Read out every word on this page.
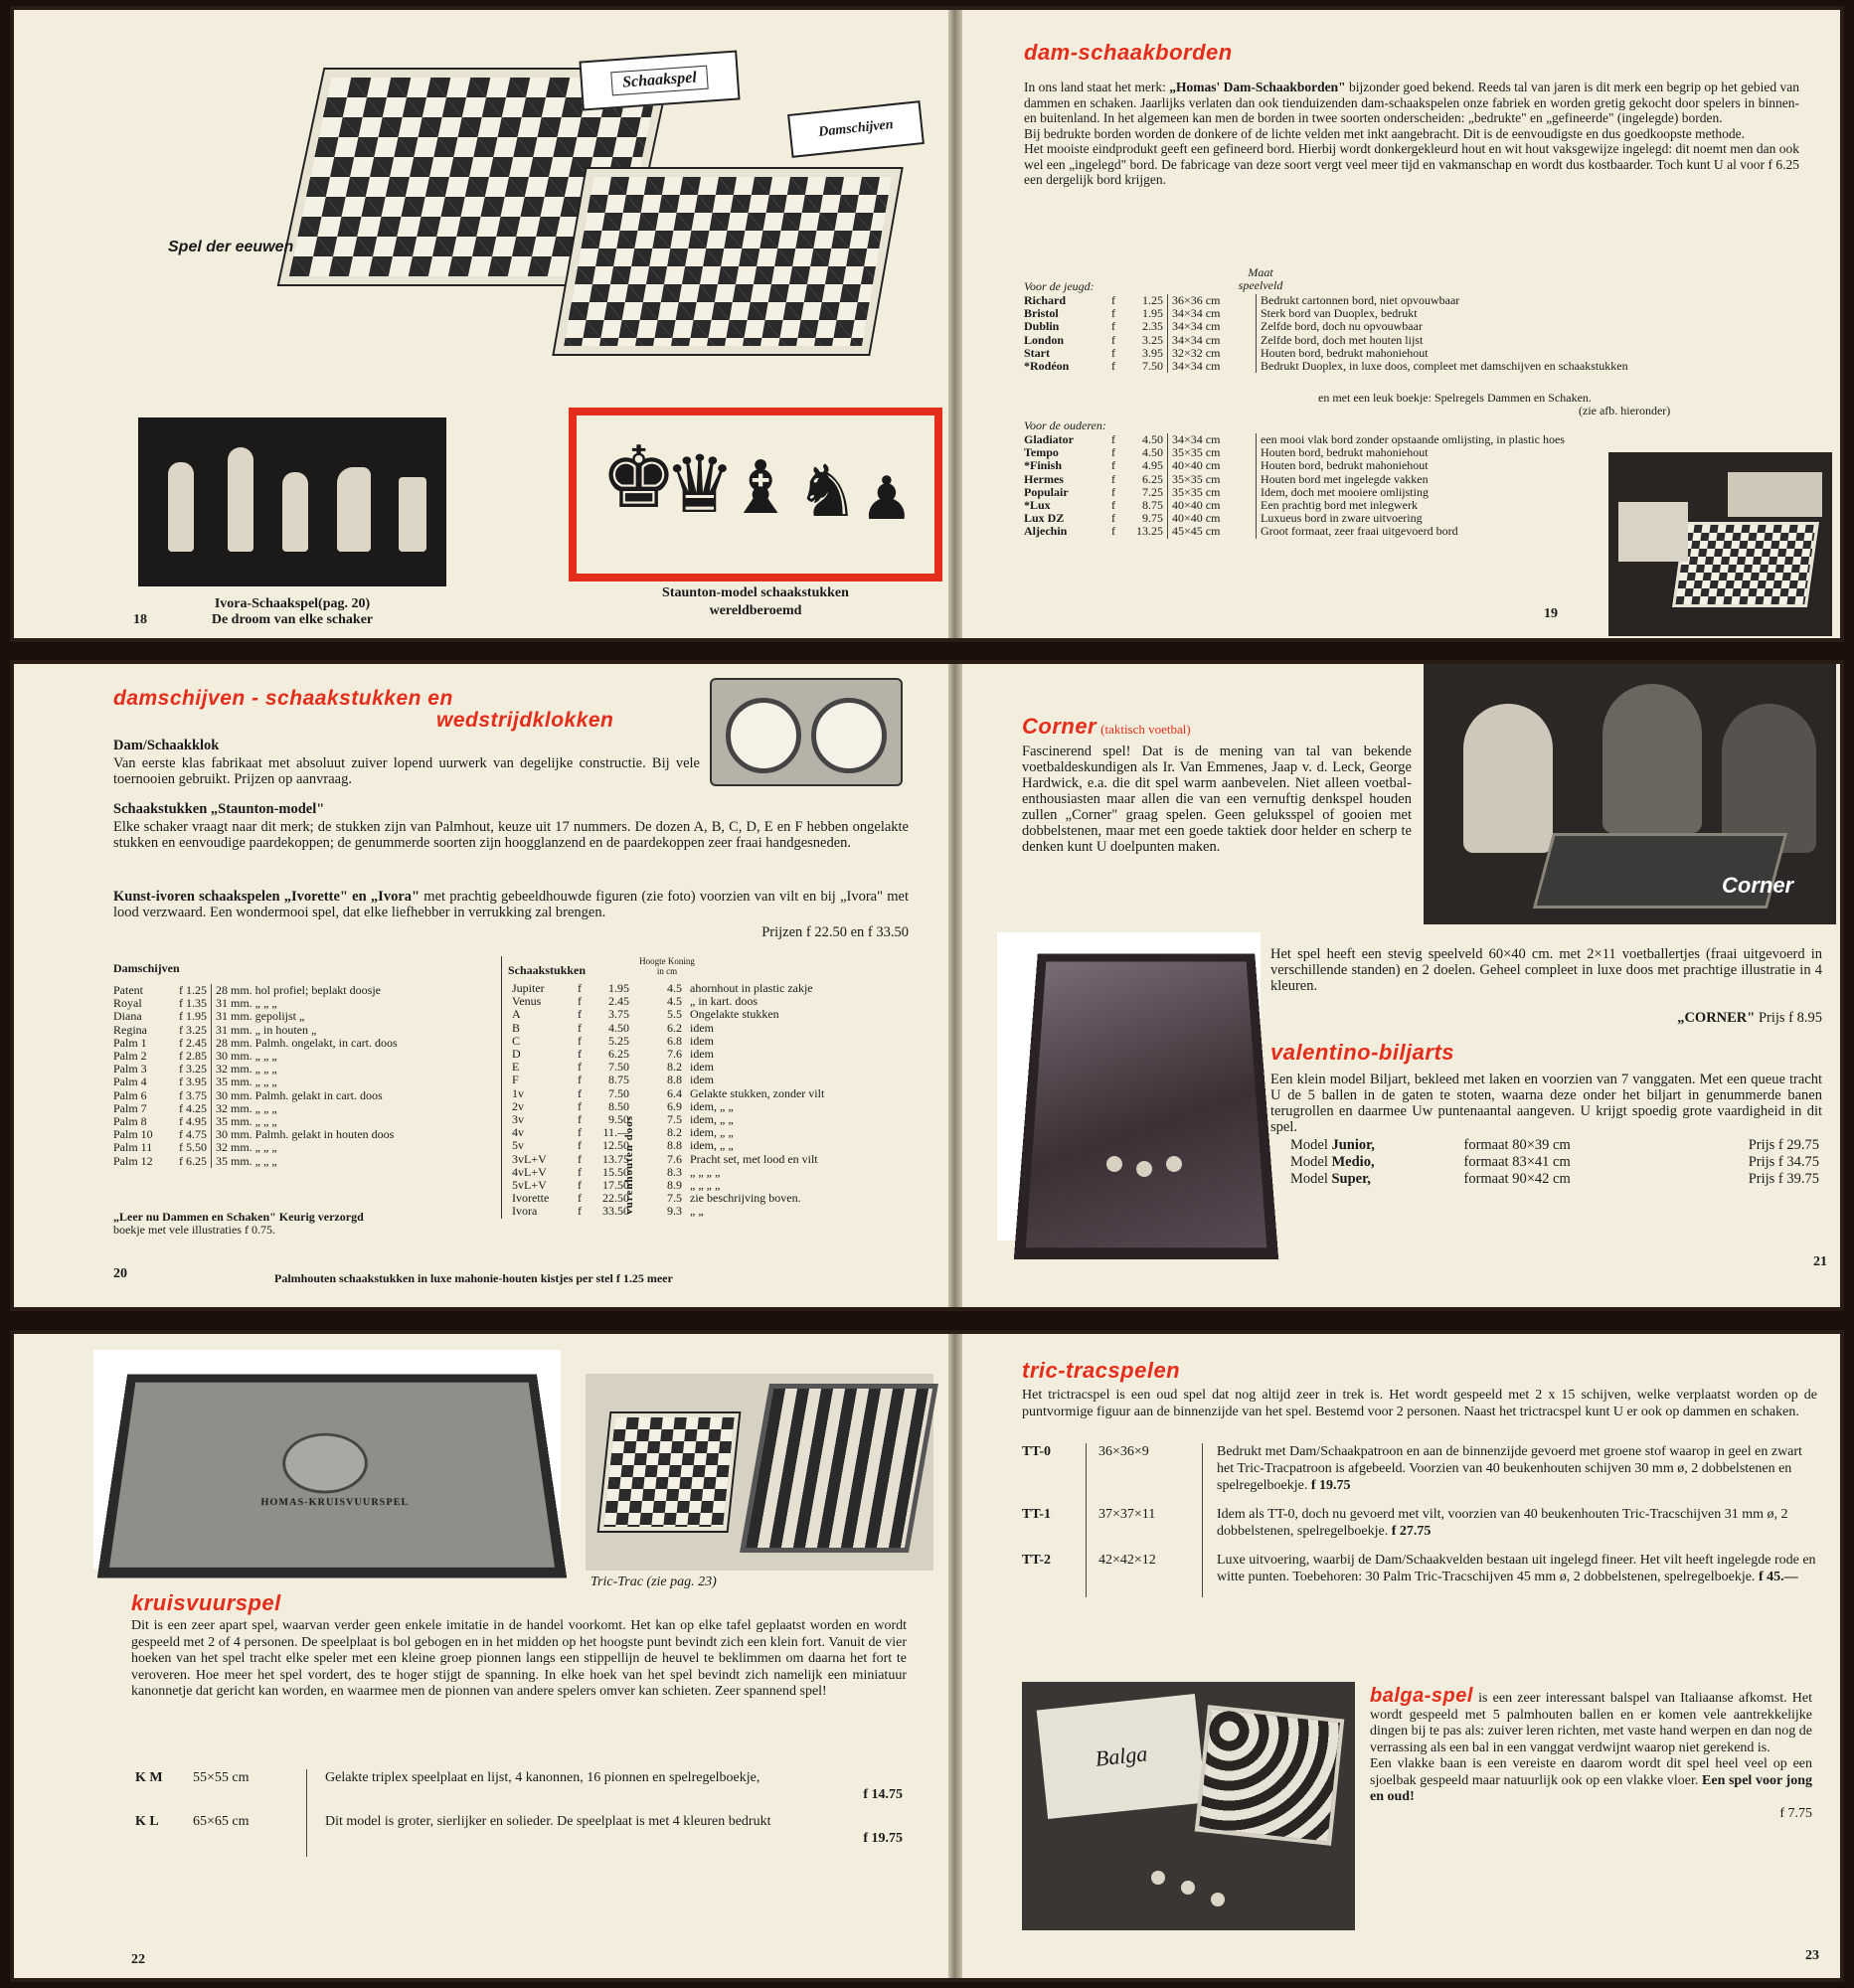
Schaakspel
Damschijven
Spel der eeuwen
Ivora-Schaakspel(pag. 20)
De droom van elke schaker
18
♚
♛
♝ ♞ ♟
Staunton-model schaakstukken
wereldberoemd
dam-schaakborden
In ons land staat het merk: „Homas' Dam-Schaakborden" bijzonder goed bekend. Reeds tal van jaren is dit merk een begrip op het gebied van dammen en schaken. Jaarlijks verlaten dan ook tienduizenden dam-schaakspelen onze fabriek en worden gretig gekocht door spelers in binnen- en buitenland. In het algemeen kan men de borden in twee soorten onderscheiden: „bedrukte" en „gefineerde" (ingelegde) borden.
Bij bedrukte borden worden de donkere of de lichte velden met inkt aangebracht. Dit is de eenvoudigste en dus goedkoopste methode.
Het mooiste eindprodukt geeft een gefineerd bord. Hierbij wordt donkergekleurd hout en wit hout vaksgewijze ingelegd: dit noemt men dan ook wel een „ingelegd" bord. De fabricage van deze soort vergt veel meer tijd en vakmanschap en wordt dus kostbaarder. Toch kunt U al voor f 6.25 een dergelijk bord krijgen.
Maat
speelveld
Voor de jeugd:
Richard	f	1.25	36×36 cm	Bedrukt cartonnen bord, niet opvouwbaar
Bristol	f	1.95	34×34 cm	Sterk bord van Duoplex, bedrukt
Dublin	f	2.35	34×34 cm	Zelfde bord, doch nu opvouwbaar
London	f	3.25	34×34 cm	Zelfde bord, doch met houten lijst
Start	f	3.95	32×32 cm	Houten bord, bedrukt mahoniehout
*Rodéon	f	7.50	34×34 cm	Bedrukt Duoplex, in luxe doos, compleet met damschijven en schaakstukken
en met een leuk boekje: Spelregels Dammen en Schaken.
(zie afb. hieronder)
Voor de ouderen:
Gladiator	f	4.50	34×34 cm	een mooi vlak bord zonder opstaande omlijsting, in plastic hoes
Tempo	f	4.50	35×35 cm	Houten bord, bedrukt mahoniehout
*Finish	f	4.95	40×40 cm	Houten bord, bedrukt mahoniehout
Hermes	f	6.25	35×35 cm	Houten bord met ingelegde vakken
Populair	f	7.25	35×35 cm	Idem, doch met mooiere omlijsting
*Lux	f	8.75	40×40 cm	Een prachtig bord met inlegwerk
Lux DZ	f	9.75	40×40 cm	Luxueus bord in zware uitvoering
Aljechin	f	13.25	45×45 cm	Groot formaat, zeer fraai uitgevoerd bord
19
damschijven - schaakstukken en
wedstrijdklokken
Dam/Schaakklok
Van eerste klas fabrikaat met absoluut zuiver lopend uurwerk van degelijke constructie. Bij vele toernooien gebruikt. Prijzen op aanvraag.
Schaakstukken „Staunton-model"
Elke schaker vraagt naar dit merk; de stukken zijn van Palmhout, keuze uit 17 nummers. De dozen A, B, C, D, E en F hebben ongelakte stukken en eenvoudige paardekoppen; de genummerde soorten zijn hoogglanzend en de paardekoppen zeer fraai handgesneden.
Kunst-ivoren schaakspelen „Ivorette" en „Ivora" met prachtig gebeeldhouwde figuren (zie foto) voorzien van vilt en bij „Ivora" met lood verzwaard. Een wondermooi spel, dat elke liefhebber in verrukking zal brengen.
Prijzen f 22.50 en f 33.50
Damschijven
Patent	f 1.25	28 mm. hol profiel; beplakt doosje
Royal	f 1.35	31 mm. „ „ „
Diana	f 1.95	31 mm. gepolijst „
Regina	f 3.25	31 mm. „ in houten „
Palm 1	f 2.45	28 mm. Palmh. ongelakt, in cart. doos
Palm 2	f 2.85	30 mm. „ „ „
Palm 3	f 3.25	32 mm. „ „ „
Palm 4	f 3.95	35 mm. „ „ „
Palm 6	f 3.75	30 mm. Palmh. gelakt in cart. doos
Palm 7	f 4.25	32 mm. „ „ „
Palm 8	f 4.95	35 mm. „ „ „
Palm 10	f 4.75	30 mm. Palmh. gelakt in houten doos
Palm 11	f 5.50	32 mm. „ „ „
Palm 12	f 6.25	35 mm. „ „ „
„Leer nu Dammen en Schaken" Keurig verzorgd
boekje met vele illustraties f 0.75.
Schaakstukken
Hoogte Koning
in cm
Jupiter	f	1.95	4.5	ahornhout in plastic zakje
Venus	f	2.45	4.5	„ in kart. doos
A	f	3.75	5.5	Ongelakte stukken
B	f	4.50	6.2	idem
C	f	5.25	6.8	idem
D	f	6.25	7.6	idem
E	f	7.50	8.2	idem
F	f	8.75	8.8	idem
1v	f	7.50	6.4	Gelakte stukken, zonder vilt
2v	f	8.50	6.9	idem, „ „
3v	f	9.50	7.5	idem, „ „
4v	f	11.—	8.2	idem, „ „
5v	f	12.50	8.8	idem, „ „
3vL+V	f	13.75	7.6	Pracht set, met lood en vilt
4vL+V	f	15.50	8.3	„ „ „ „
5vL+V	f	17.50	8.9	„ „ „ „
Ivorette	f	22.50	7.5	zie beschrijving boven.
Ivora	f	33.50	9.3	„ „
vurenhouten doos
20	Palmhouten schaakstukken in luxe mahonie-houten kistjes per stel f 1.25 meer
Corner (taktisch voetbal)
Fascinerend spel! Dat is de mening van tal van bekende voetbaldeskundigen als Ir. Van Emmenes, Jaap v. d. Leck, George Hardwick, e.a. die dit spel warm aanbevelen. Niet alleen voetbal-enthousiasten maar allen die van een vernuftig denkspel houden zullen „Corner" graag spelen. Geen geluksspel of gooien met dobbelstenen, maar met een goede taktiek door helder en scherp te denken kunt U doelpunten maken.
Corner
Het spel heeft een stevig speelveld 60×40 cm. met 2×11 voetballertjes (fraai uitgevoerd in verschillende standen) en 2 doelen. Geheel compleet in luxe doos met prachtige illustratie in 4 kleuren.
„CORNER" Prijs f 8.95
valentino-biljarts
Een klein model Biljart, bekleed met laken en voorzien van 7 vanggaten. Met een queue tracht U de 5 ballen in de gaten te stoten, waarna deze onder het biljart in genummerde banen terugrollen en daarmee Uw puntenaantal aangeven. U krijgt spoedig grote vaardigheid in dit spel.
Model Junior,	formaat 80×39 cm	Prijs f 29.75
Model Medio,	formaat 83×41 cm	Prijs f 34.75
Model Super,	formaat 90×42 cm	Prijs f 39.75
21
HOMAS-KRUISVUURSPEL
Tric-Trac (zie pag. 23)
kruisvuurspel
Dit is een zeer apart spel, waarvan verder geen enkele imitatie in de handel voorkomt. Het kan op elke tafel geplaatst worden en wordt gespeeld met 2 of 4 personen. De speelplaat is bol gebogen en in het midden op het hoogste punt bevindt zich een klein fort. Vanuit de vier hoeken van het spel tracht elke speler met een kleine groep pionnen langs een stippellijn de heuvel te beklimmen om daarna het fort te veroveren. Hoe meer het spel vordert, des te hoger stijgt de spanning. In elke hoek van het spel bevindt zich namelijk een miniatuur kanonnetje dat gericht kan worden, en waarmee men de pionnen van andere spelers omver kan schieten. Zeer spannend spel!
K M	55×55 cm	Gelakte triplex speelplaat en lijst, 4 kanonnen, 16 pionnen en spelregelboekje,
f 14.75

K L	65×65 cm	Dit model is groter, sierlijker en solieder. De speelplaat is met 4 kleuren bedrukt
f 19.75
22
tric-tracspelen
Het trictracspel is een oud spel dat nog altijd zeer in trek is. Het wordt gespeeld met 2 x 15 schijven, welke verplaatst worden op de puntvormige figuur aan de binnenzijde van het spel. Bestemd voor 2 personen. Naast het trictracspel kunt U er ook op dammen en schaken.
TT-0	36×36×9	Bedrukt met Dam/Schaakpatroon en aan de binnenzijde gevoerd met groene stof waarop in geel en zwart het Tric-Tracpatroon is afgebeeld. Voorzien van 40 beukenhouten schijven 30 mm ø, 2 dobbelstenen en spelregelboekje. f 19.75
TT-1	37×37×11	Idem als TT-0, doch nu gevoerd met vilt, voorzien van 40 beukenhouten Tric-Tracschijven 31 mm ø, 2 dobbelstenen, spelregelboekje. f 27.75
TT-2	42×42×12	Luxe uitvoering, waarbij de Dam/Schaakvelden bestaan uit ingelegd fineer. Het vilt heeft ingelegde rode en witte punten. Toebehoren: 30 Palm Tric-Tracschijven 45 mm ø, 2 dobbelstenen, spelregelboekje. f 45.—
Balga
balga-spel is een zeer interessant balspel van Italiaanse afkomst. Het wordt gespeeld met 5 palmhouten ballen en er komen vele aantrekkelijke dingen bij te pas als: zuiver leren richten, met vaste hand werpen en dan nog de verrassing als een bal in een vanggat verdwijnt waarop niet gerekend is.
Een vlakke baan is een vereiste en daarom wordt dit spel heel veel op een sjoelbak gespeeld maar natuurlijk ook op een vlakke vloer. Een spel voor jong en oud!
f 7.75
23
